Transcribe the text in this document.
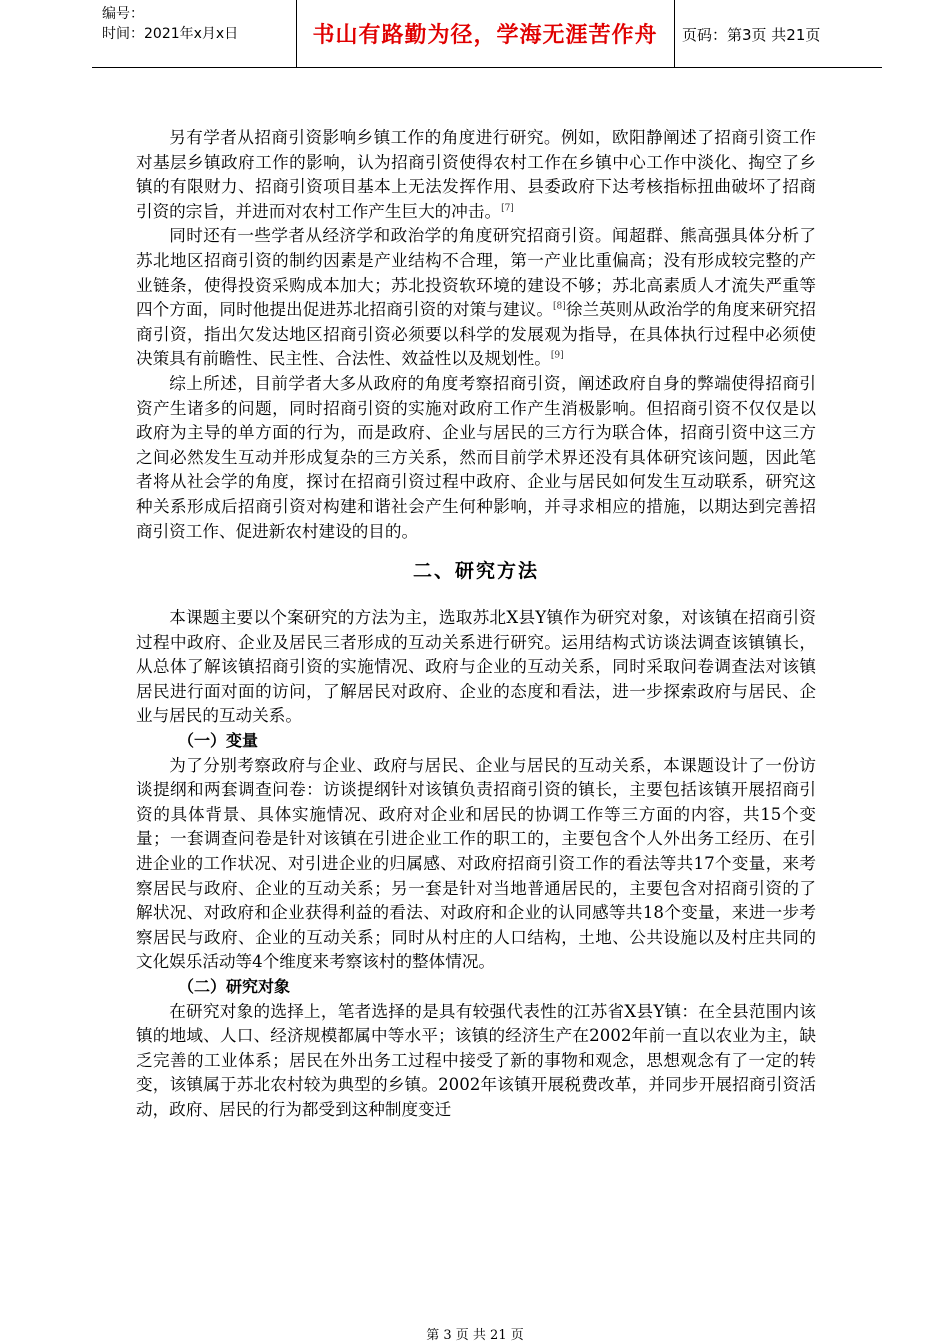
编号：
时间：2021年x月x日	书山有路勤为径，学海无涯苦作舟	页码：第3页 共21页

另有学者从招商引资影响乡镇工作的角度进行研究。例如，欧阳静阐述了招商引资工作对基层乡镇政府工作的影响，认为招商引资使得农村工作在乡镇中心工作中淡化、掏空了乡镇的有限财力、招商引资项目基本上无法发挥作用、县委政府下达考核指标扭曲破坏了招商引资的宗旨，并进而对农村工作产生巨大的冲击。[7]

同时还有一些学者从经济学和政治学的角度研究招商引资。闻超群、熊高强具体分析了苏北地区招商引资的制约因素是产业结构不合理，第一产业比重偏高；没有形成较完整的产业链条，使得投资采购成本加大；苏北投资软环境的建设不够；苏北高素质人才流失严重等四个方面，同时他提出促进苏北招商引资的对策与建议。[8]徐兰英则从政治学的角度来研究招商引资，指出欠发达地区招商引资必须要以科学的发展观为指导，在具体执行过程中必须使决策具有前瞻性、民主性、合法性、效益性以及规划性。[9]

综上所述，目前学者大多从政府的角度考察招商引资，阐述政府自身的弊端使得招商引资产生诸多的问题，同时招商引资的实施对政府工作产生消极影响。但招商引资不仅仅是以政府为主导的单方面的行为，而是政府、企业与居民的三方行为联合体，招商引资中这三方之间必然发生互动并形成复杂的三方关系，然而目前学术界还没有具体研究该问题，因此笔者将从社会学的角度，探讨在招商引资过程中政府、企业与居民如何发生互动联系，研究这种关系形成后招商引资对构建和谐社会产生何种影响，并寻求相应的措施，以期达到完善招商引资工作、促进新农村建设的目的。

二、研究方法

本课题主要以个案研究的方法为主，选取苏北X县Y镇作为研究对象，对该镇在招商引资过程中政府、企业及居民三者形成的互动关系进行研究。运用结构式访谈法调查该镇镇长，从总体了解该镇招商引资的实施情况、政府与企业的互动关系，同时采取问卷调查法对该镇居民进行面对面的访问，了解居民对政府、企业的态度和看法，进一步探索政府与居民、企业与居民的互动关系。

（一）变量

为了分别考察政府与企业、政府与居民、企业与居民的互动关系，本课题设计了一份访谈提纲和两套调查问卷：访谈提纲针对该镇负责招商引资的镇长，主要包括该镇开展招商引资的具体背景、具体实施情况、政府对企业和居民的协调工作等三方面的内容，共15个变量；一套调查问卷是针对该镇在引进企业工作的职工的，主要包含个人外出务工经历、在引进企业的工作状况、对引进企业的归属感、对政府招商引资工作的看法等共17个变量，来考察居民与政府、企业的互动关系；另一套是针对当地普通居民的，主要包含对招商引资的了解状况、对政府和企业获得利益的看法、对政府和企业的认同感等共18个变量，来进一步考察居民与政府、企业的互动关系；同时从村庄的人口结构，土地、公共设施以及村庄共同的文化娱乐活动等4个维度来考察该村的整体情况。

（二）研究对象

在研究对象的选择上，笔者选择的是具有较强代表性的江苏省X县Y镇：在全县范围内该镇的地域、人口、经济规模都属中等水平；该镇的经济生产在2002年前一直以农业为主，缺乏完善的工业体系；居民在外出务工过程中接受了新的事物和观念，思想观念有了一定的转变，该镇属于苏北农村较为典型的乡镇。2002年该镇开展税费改革，并同步开展招商引资活动，政府、居民的行为都受到这种制度变迁

第 3 页 共 21 页
